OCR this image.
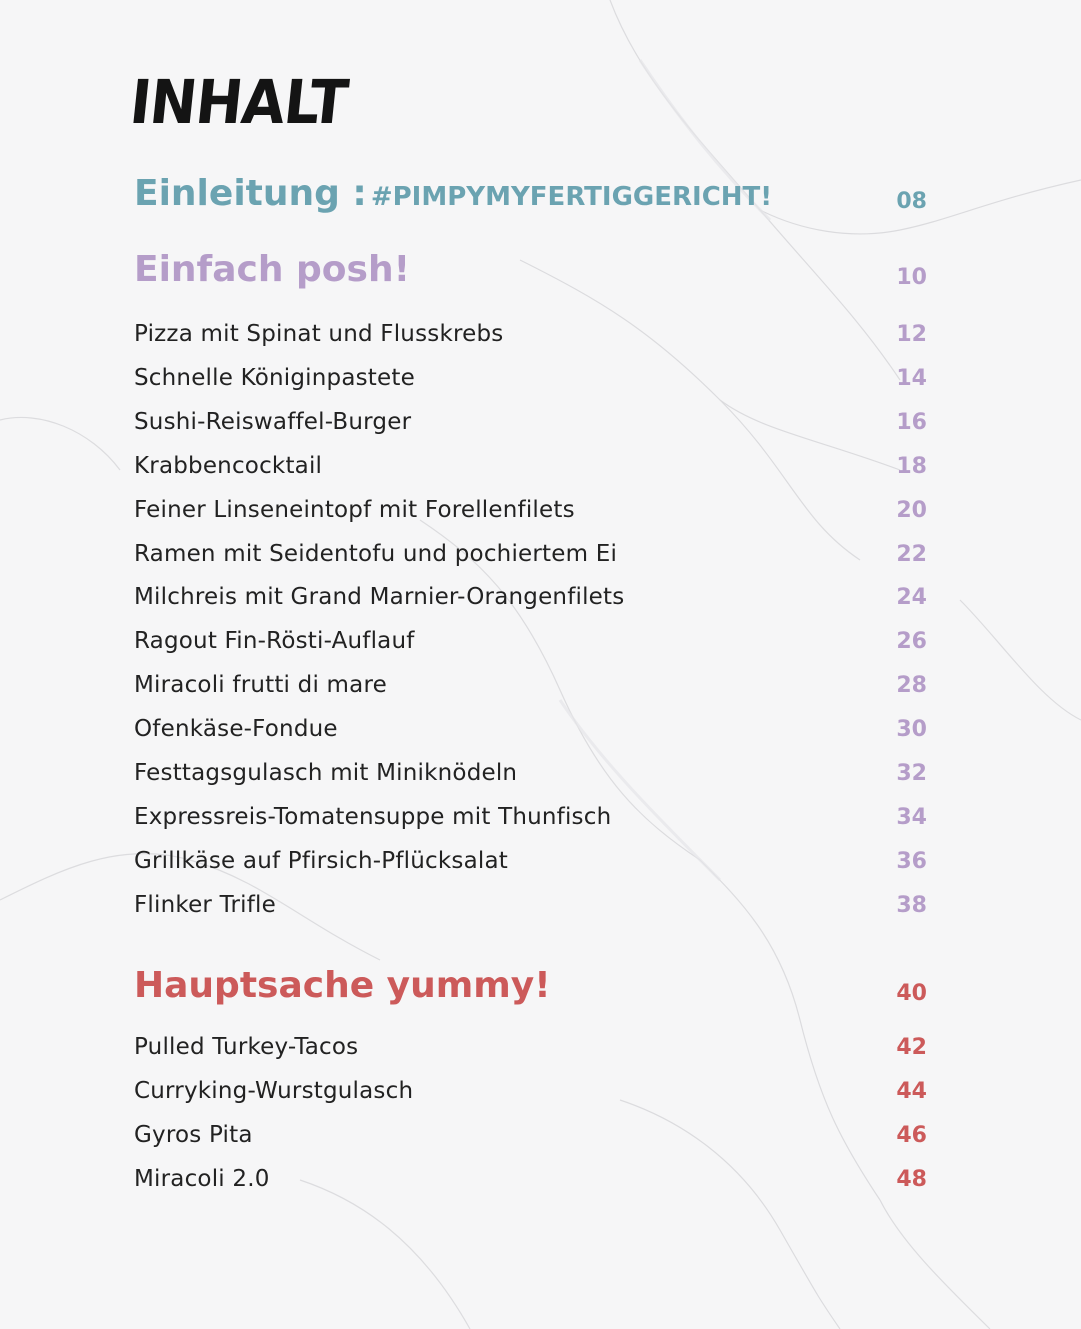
INHALT
Einleitung : #PIMPYMYFERTIGGERICHT!	08
Einfach posh!	10
Pizza mit Spinat und Flusskrebs	12
Schnelle Königinpastete	14
Sushi-Reiswaffel-Burger	16
Krabbencocktail	18
Feiner Linseneintopf mit Forellenfilets	20
Ramen mit Seidentofu und pochiertem Ei	22
Milchreis mit Grand Marnier-Orangenfilets	24
Ragout Fin-Rösti-Auflauf	26
Miracoli frutti di mare	28
Ofenkäse-Fondue	30
Festtagsgulasch mit Miniknödeln	32
Expressreis-Tomatensuppe mit Thunfisch	34
Grillkäse auf Pfirsich-Pflücksalat	36
Flinker Trifle	38
Hauptsache yummy!	40
Pulled Turkey-Tacos	42
Curryking-Wurstgulasch	44
Gyros Pita	46
Miracoli 2.0	48
